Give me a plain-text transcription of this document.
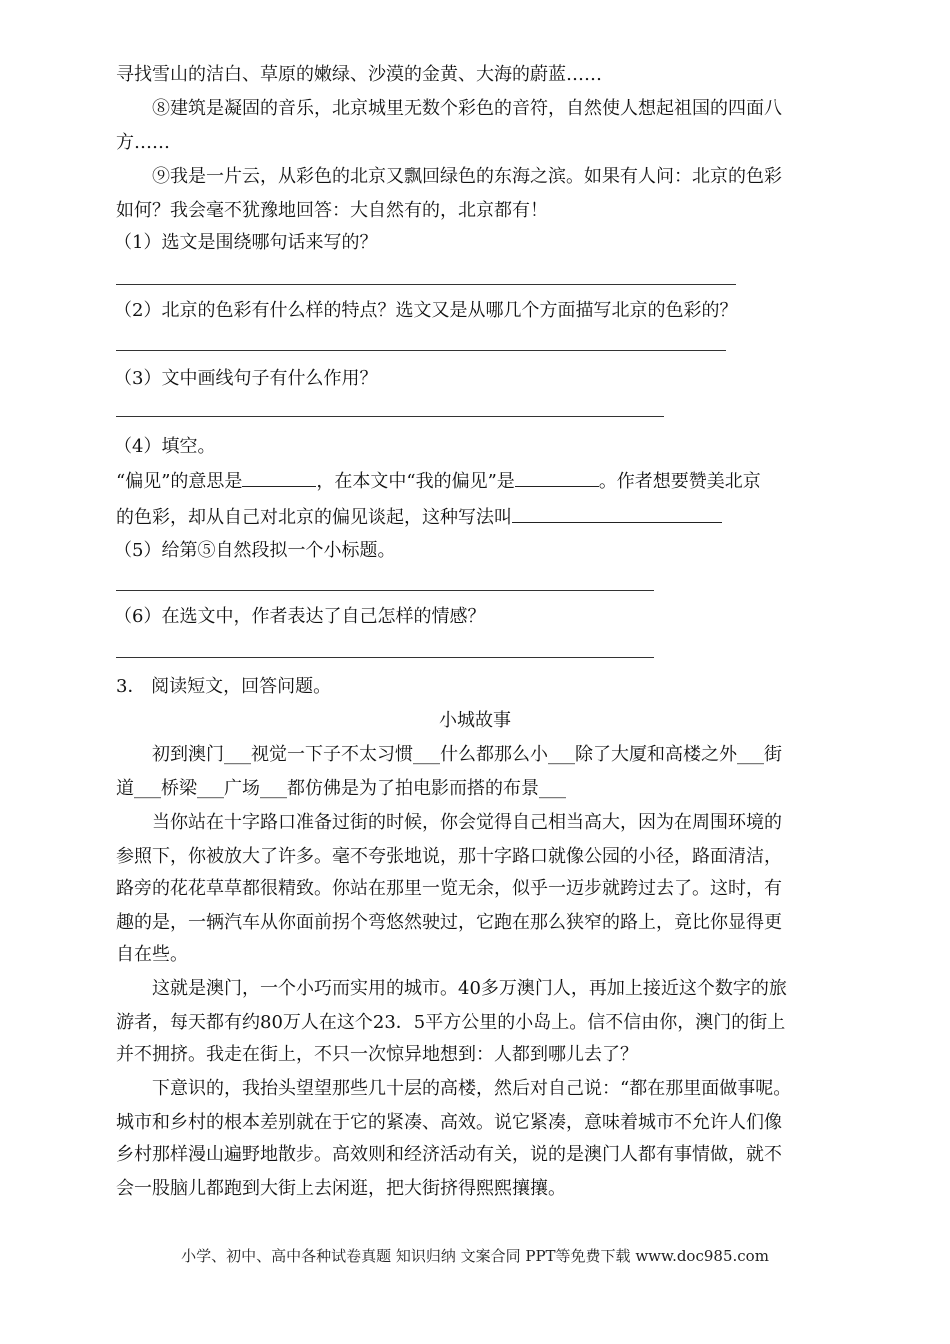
寻找雪山的洁白、草原的嫩绿、沙漠的金黄、大海的蔚蓝……
⑧建筑是凝固的音乐，北京城里无数个彩色的音符，自然使人想起祖国的四面八
方……
⑨我是一片云，从彩色的北京又飘回绿色的东海之滨。如果有人问：北京的色彩
如何？我会毫不犹豫地回答：大自然有的，北京都有！
（1）选文是围绕哪句话来写的？
（2）北京的色彩有什么样的特点？选文又是从哪几个方面描写北京的色彩的？
（3）文中画线句子有什么作用？
（4）填空。
“偏见”的意思是	，在本文中“我的偏见”是	。作者想要赞美北京
的色彩，却从自己对北京的偏见谈起，这种写法叫
（5）给第⑤自然段拟一个小标题。
（6）在选文中，作者表达了自己怎样的情感？
3． 阅读短文，回答问题。
小城故事
初到澳门___视觉一下子不太习惯___什么都那么小___除了大厦和高楼之外___街
道___桥梁___广场___都仿佛是为了拍电影而搭的布景___
当你站在十字路口准备过街的时候，你会觉得自己相当高大，因为在周围环境的
参照下，你被放大了许多。毫不夸张地说，那十字路口就像公园的小径，路面清洁，
路旁的花花草草都很精致。你站在那里一览无余，似乎一迈步就跨过去了。这时，有
趣的是，一辆汽车从你面前拐个弯悠然驶过，它跑在那么狭窄的路上，竟比你显得更
自在些。
这就是澳门，一个小巧而实用的城市。40多万澳门人，再加上接近这个数字的旅
游者，每天都有约80万人在这个23．5平方公里的小岛上。信不信由你，澳门的街上
并不拥挤。我走在街上，不只一次惊异地想到：人都到哪儿去了？
下意识的，我抬头望望那些几十层的高楼，然后对自己说：“都在那里面做事呢。
城市和乡村的根本差别就在于它的紧凑、高效。说它紧凑，意味着城市不允许人们像
乡村那样漫山遍野地散步。高效则和经济活动有关，说的是澳门人都有事情做，就不
会一股脑儿都跑到大街上去闲逛，把大街挤得熙熙攘攘。
小学、初中、高中各种试卷真题 知识归纳 文案合同 PPT等免费下载 www.doc985.com
